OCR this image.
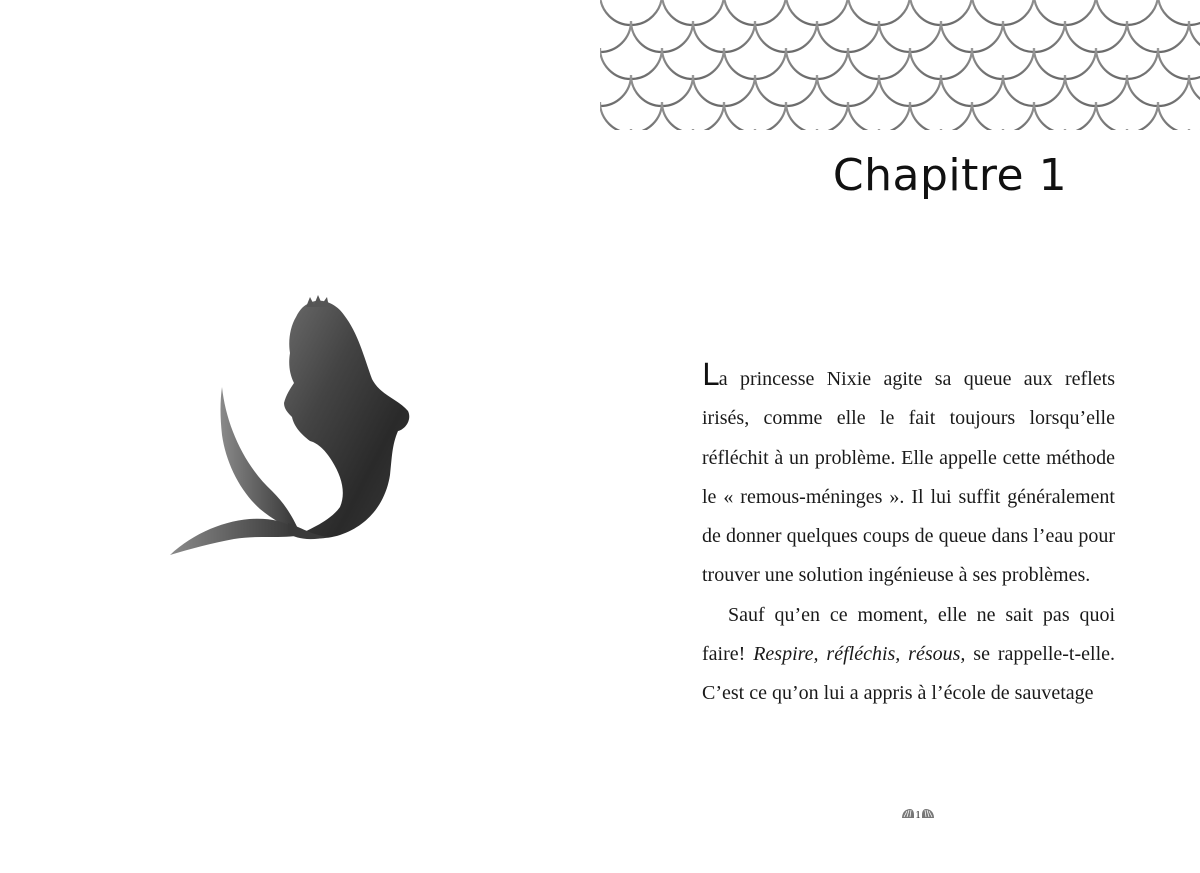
Chapitre 1

La princesse Nixie agite sa queue aux reflets irisés, comme elle le fait toujours lorsqu’elle réfléchit à un problème. Elle appelle cette méthode le « remous-méninges ». Il lui suffit généralement de donner quelques coups de queue dans l’eau pour trouver une solution ingénieuse à ses problèmes.

Sauf qu’en ce moment, elle ne sait pas quoi faire! Respire, réfléchis, résous, se rappelle-t-elle. C’est ce qu’on lui a appris à l’école de sauvetage

1
